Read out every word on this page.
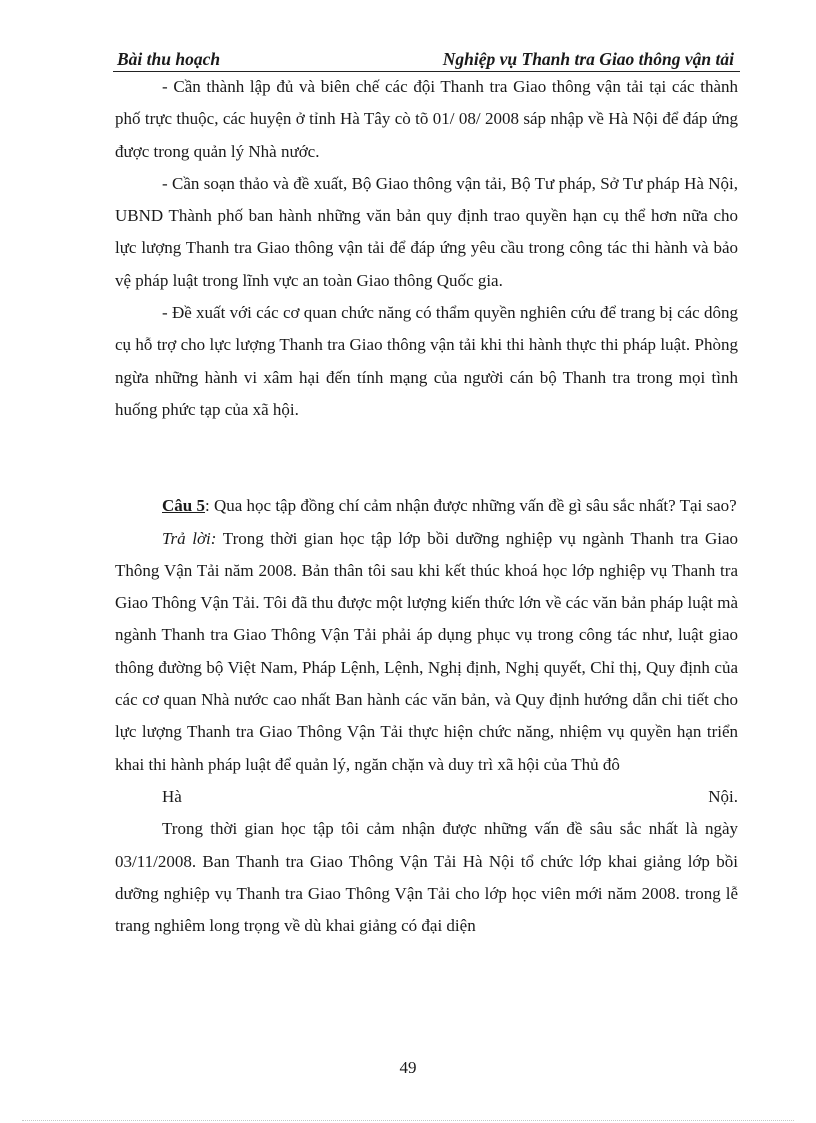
Bài thu hoạch	Nghiệp vụ Thanh tra Giao thông vận tải

- Cần thành lập đủ và biên chế các đội Thanh tra Giao thông vận tải tại các thành phố trực thuộc, các huyện ở tỉnh Hà Tây cò tõ 01/ 08/ 2008 sáp nhập về Hà Nội để đáp ứng được trong quản lý Nhà nước.

- Cần soạn thảo và đề xuất, Bộ Giao thông vận tải, Bộ Tư pháp, Sở Tư pháp Hà Nội, UBND Thành phố ban hành những văn bản quy định trao quyền hạn cụ thể hơn nữa cho lực lượng Thanh tra Giao thông vận tải để đáp ứng yêu cầu trong công tác thi hành và bảo vệ pháp luật trong lĩnh vực an toàn Giao thông Quốc gia.

- Đề xuất với các cơ quan chức năng có thẩm quyền nghiên cứu để trang bị các dông cụ hỗ trợ cho lực lượng Thanh tra Giao thông vận tải khi thi hành thực thi pháp luật. Phòng ngừa những hành vi xâm hại đến tính mạng của người cán bộ Thanh tra trong mọi tình huống phức tạp của xã hội.

Câu 5: Qua học tập đồng chí cảm nhận được những vấn đề gì sâu sắc nhất? Tại sao?

Trả lời: Trong thời gian học tập lớp bồi dưỡng nghiệp vụ ngành Thanh tra Giao Thông Vận Tải năm 2008. Bản thân tôi sau khi kết thúc khoá học lớp nghiệp vụ Thanh tra Giao Thông Vận Tải. Tôi đã thu được một lượng kiến thức lớn về các văn bản pháp luật mà ngành Thanh tra Giao Thông Vận Tải phải áp dụng phục vụ trong công tác như, luật giao thông đường bộ Việt Nam, Pháp Lệnh, Lệnh, Nghị định, Nghị quyết, Chỉ thị, Quy định của các cơ quan Nhà nước cao nhất Ban hành các văn bản, và Quy định hướng dẫn chi tiết cho lực lượng Thanh tra Giao Thông Vận Tải thực hiện chức năng, nhiệm vụ quyền hạn triển khai thi hành pháp luật để quản lý, ngăn chặn và duy trì xã hội của Thủ đô

Hà	Nội.

Trong thời gian học tập tôi cảm nhận được những vấn đề sâu sắc nhất là ngày 03/11/2008. Ban Thanh tra Giao Thông Vận Tải Hà Nội tổ chức lớp khai giảng lớp bồi dưỡng nghiệp vụ Thanh tra Giao Thông Vận Tải cho lớp học viên mới năm 2008. trong lễ trang nghiêm long trọng về dù khai giảng có đại diện

49
